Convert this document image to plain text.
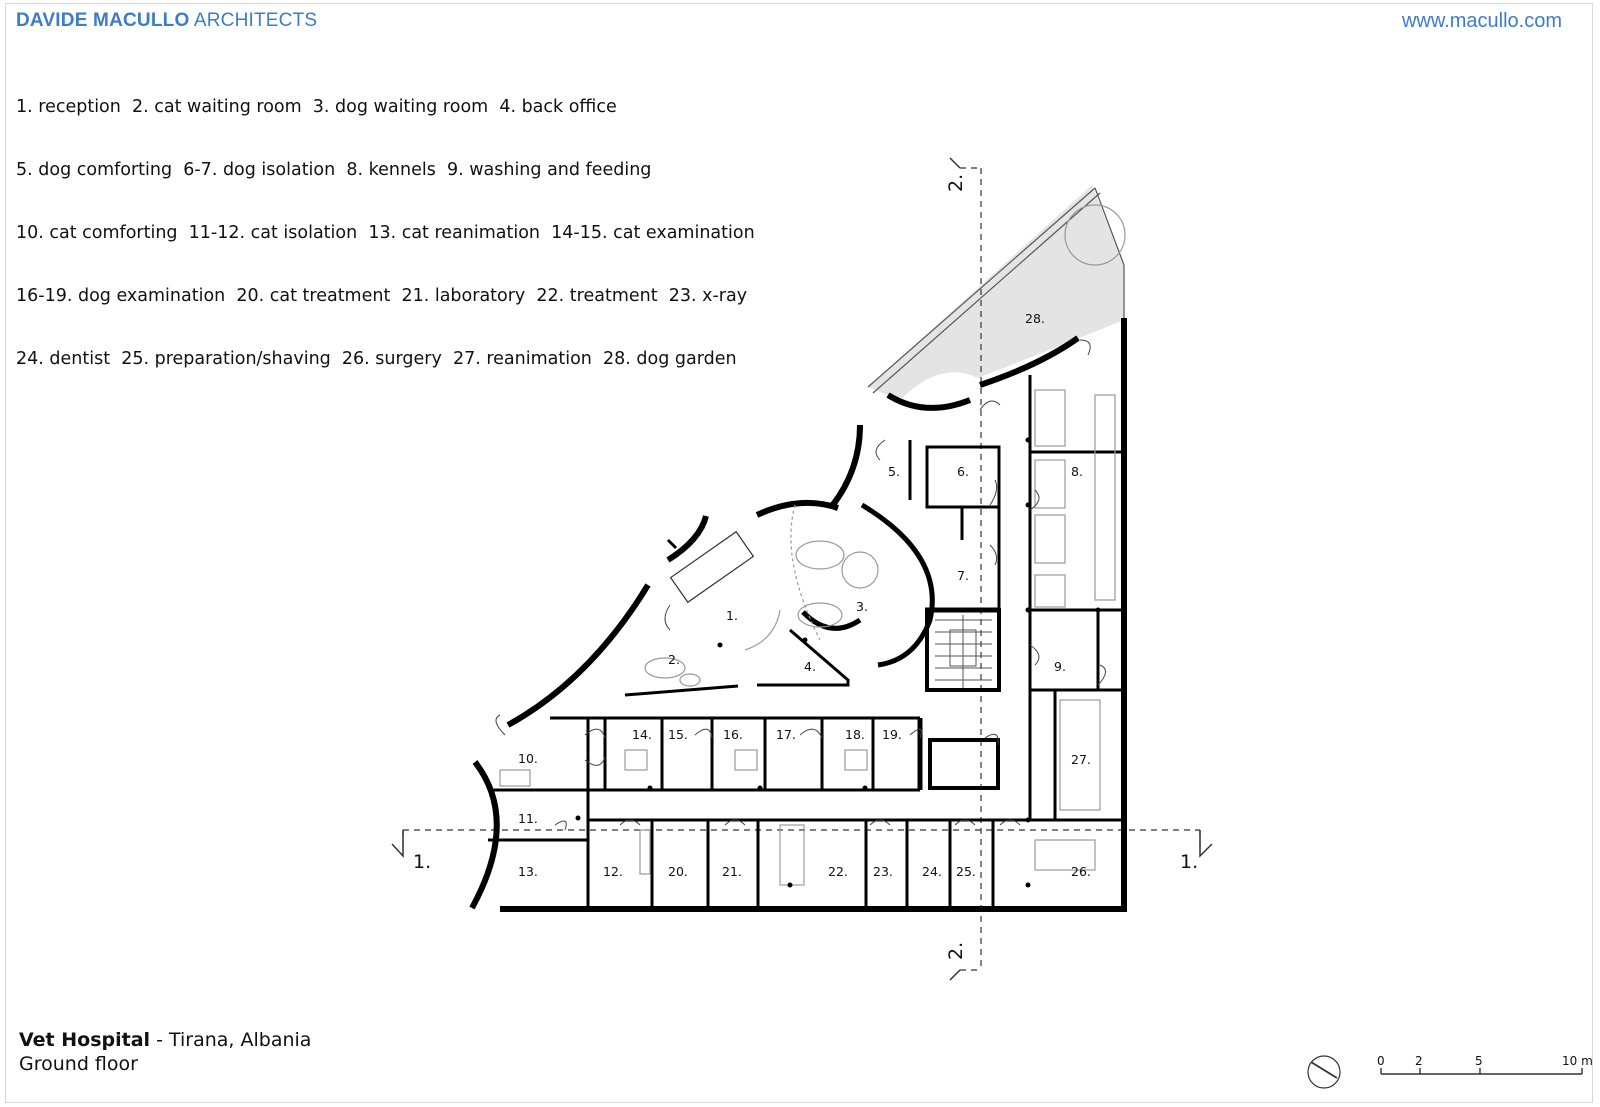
DAVIDE MACULLO ARCHITECTS	www.macullo.com

1. reception  2. cat waiting room  3. dog waiting room  4. back office

5. dog comforting  6-7. dog isolation  8. kennels  9. washing and feeding

10. cat comforting  11-12. cat isolation  13. cat reanimation  14-15. cat examination

16-19. dog examination  20. cat treatment  21. laboratory  22. treatment  23. x-ray

24. dentist  25. preparation/shaving  26. surgery  27. reanimation  28. dog garden

1.
2.
3.
4.
5.	6.
7.
8.
9.
10.
11.
12.
13.
14. 15.	16.	17.	18. 19.
20.	21.	22. 23. 24. 25.	26.
27.
28.
1.	1.
2.
2.
0	2	5	10 m
Vet Hospital - Tirana, Albania
Ground floor
